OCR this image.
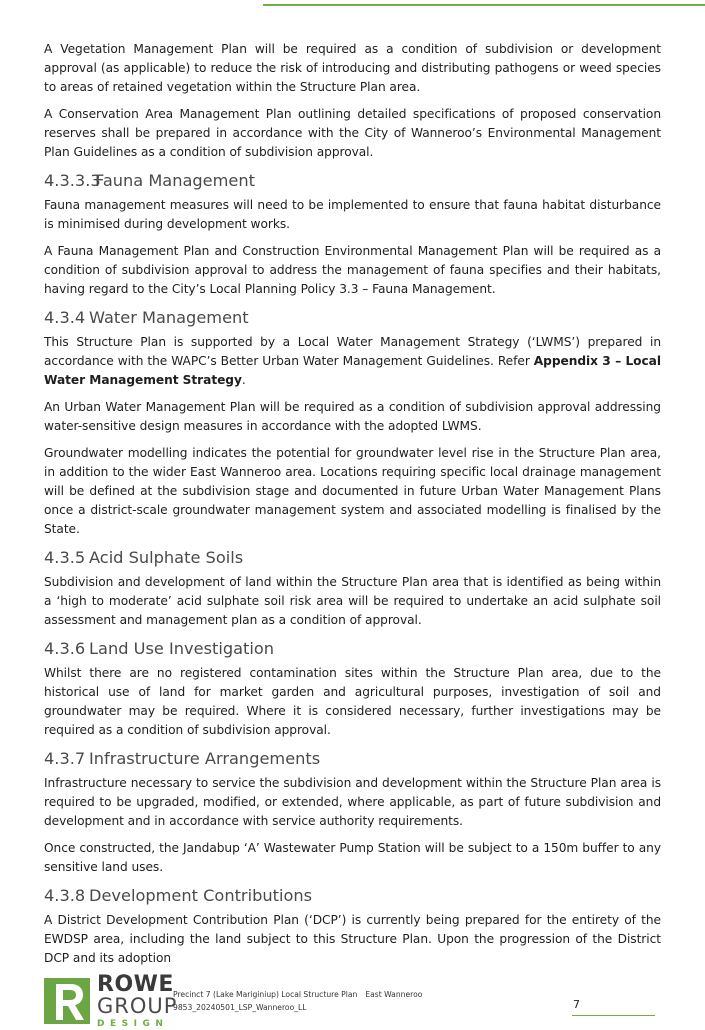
A Vegetation Management Plan will be required as a condition of subdivision or development approval (as applicable) to reduce the risk of introducing and distributing pathogens or weed species to areas of retained vegetation within the Structure Plan area.

A Conservation Area Management Plan outlining detailed specifications of proposed conservation reserves shall be prepared in accordance with the City of Wanneroo’s Environmental Management Plan Guidelines as a condition of subdivision approval.

4.3.3.3Fauna Management

Fauna management measures will need to be implemented to ensure that fauna habitat disturbance is minimised during development works.

A Fauna Management Plan and Construction Environmental Management Plan will be required as a condition of subdivision approval to address the management of fauna specifies and their habitats, having regard to the City’s Local Planning Policy 3.3 – Fauna Management.

4.3.4 Water Management

This Structure Plan is supported by a Local Water Management Strategy (‘LWMS’) prepared in accordance with the WAPC’s Better Urban Water Management Guidelines. Refer Appendix 3 – Local Water Management Strategy.

An Urban Water Management Plan will be required as a condition of subdivision approval addressing water-sensitive design measures in accordance with the adopted LWMS.

Groundwater modelling indicates the potential for groundwater level rise in the Structure Plan area, in addition to the wider East Wanneroo area. Locations requiring specific local drainage management will be defined at the subdivision stage and documented in future Urban Water Management Plans once a district-scale groundwater management system and associated modelling is finalised by the State.

4.3.5 Acid Sulphate Soils

Subdivision and development of land within the Structure Plan area that is identified as being within a ‘high to moderate’ acid sulphate soil risk area will be required to undertake an acid sulphate soil assessment and management plan as a condition of approval.

4.3.6 Land Use Investigation

Whilst there are no registered contamination sites within the Structure Plan area, due to the historical use of land for market garden and agricultural purposes, investigation of soil and groundwater may be required. Where it is considered necessary, further investigations may be required as a condition of subdivision approval.

4.3.7 Infrastructure Arrangements

Infrastructure necessary to service the subdivision and development within the Structure Plan area is required to be upgraded, modified, or extended, where applicable, as part of future subdivision and development and in accordance with service authority requirements.

Once constructed, the Jandabup ‘A’ Wastewater Pump Station will be subject to a 150m buffer to any sensitive land uses.

4.3.8 Development Contributions

A District Development Contribution Plan (‘DCP’) is currently being prepared for the entirety of the EWDSP area, including the land subject to this Structure Plan. Upon the progression of the District DCP and its adoption

ROWE
GROUP
DESIGN
Precinct 7 (Lake Mariginiup) Local Structure Plan East Wanneroo
9853_20240501_LSP_Wanneroo_LL	7
